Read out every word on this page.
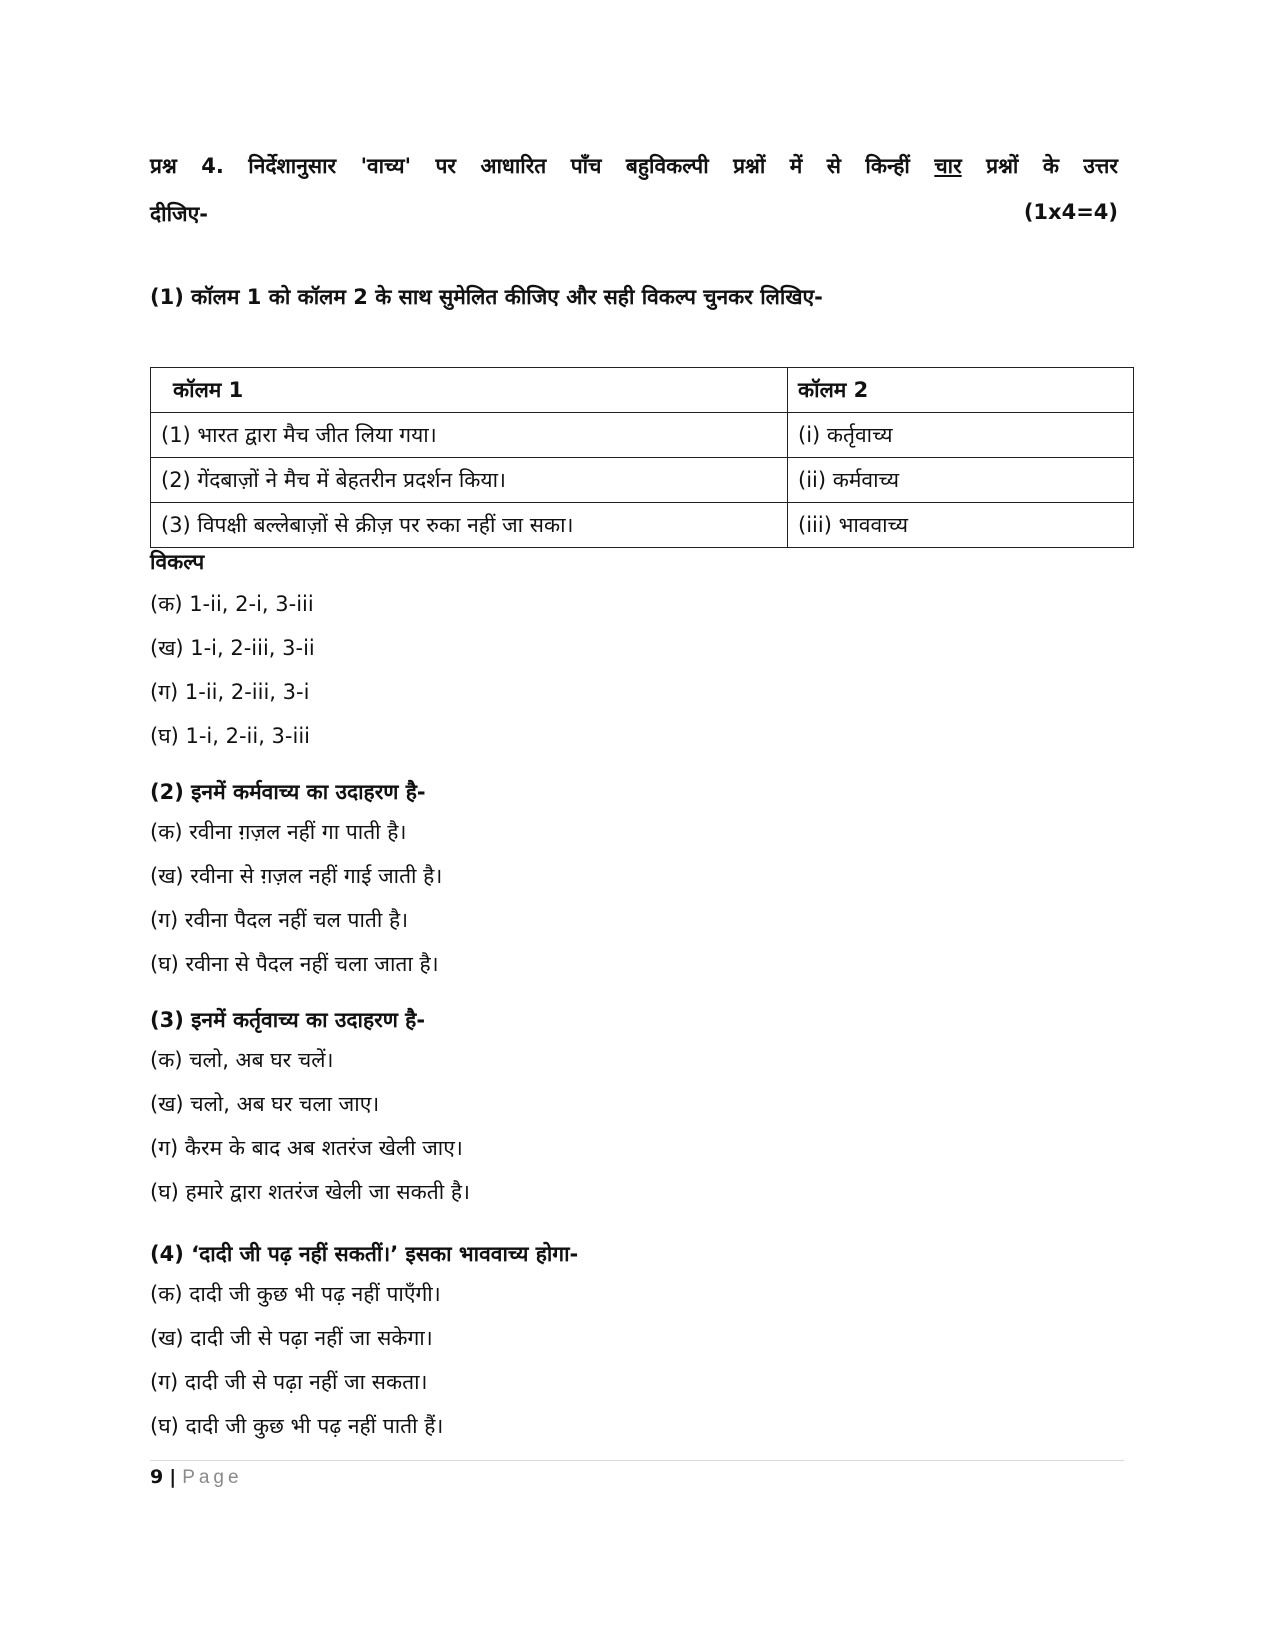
प्रश्न 4. निर्देशानुसार 'वाच्य' पर आधारित पाँच बहुविकल्पी प्रश्नों में से किन्हीं चार प्रश्नों के उत्तर
दीजिए-	(1x4=4)
(1) कॉलम 1 को कॉलम 2 के साथ सुमेलित कीजिए और सही विकल्प चुनकर लिखिए-
कॉलम 1	कॉलम 2
(1) भारत द्वारा मैच जीत लिया गया।	(i) कर्तृवाच्य
(2) गेंदबाज़ों ने मैच में बेहतरीन प्रदर्शन किया।	(ii) कर्मवाच्य
(3) विपक्षी बल्लेबाज़ों से क्रीज़ पर रुका नहीं जा सका।	(iii) भाववाच्य
विकल्प
(क) 1-ii, 2-i, 3-iii
(ख) 1-i, 2-iii, 3-ii
(ग) 1-ii, 2-iii, 3-i
(घ) 1-i, 2-ii, 3-iii
(2) इनमें कर्मवाच्य का उदाहरण है-
(क) रवीना ग़ज़ल नहीं गा पाती है।
(ख) रवीना से ग़ज़ल नहीं गाई जाती है।
(ग) रवीना पैदल नहीं चल पाती है।
(घ) रवीना से पैदल नहीं चला जाता है।
(3) इनमें कर्तृवाच्य का उदाहरण है-
(क) चलो, अब घर चलें।
(ख) चलो, अब घर चला जाए।
(ग) कैरम के बाद अब शतरंज खेली जाए।
(घ) हमारे द्वारा शतरंज खेली जा सकती है।
(4) ‘दादी जी पढ़ नहीं सकतीं।’ इसका भाववाच्य होगा-
(क) दादी जी कुछ भी पढ़ नहीं पाएँगी।
(ख) दादी जी से पढ़ा नहीं जा सकेगा।
(ग) दादी जी से पढ़ा नहीं जा सकता।
(घ) दादी जी कुछ भी पढ़ नहीं पाती हैं।
9 | Page
